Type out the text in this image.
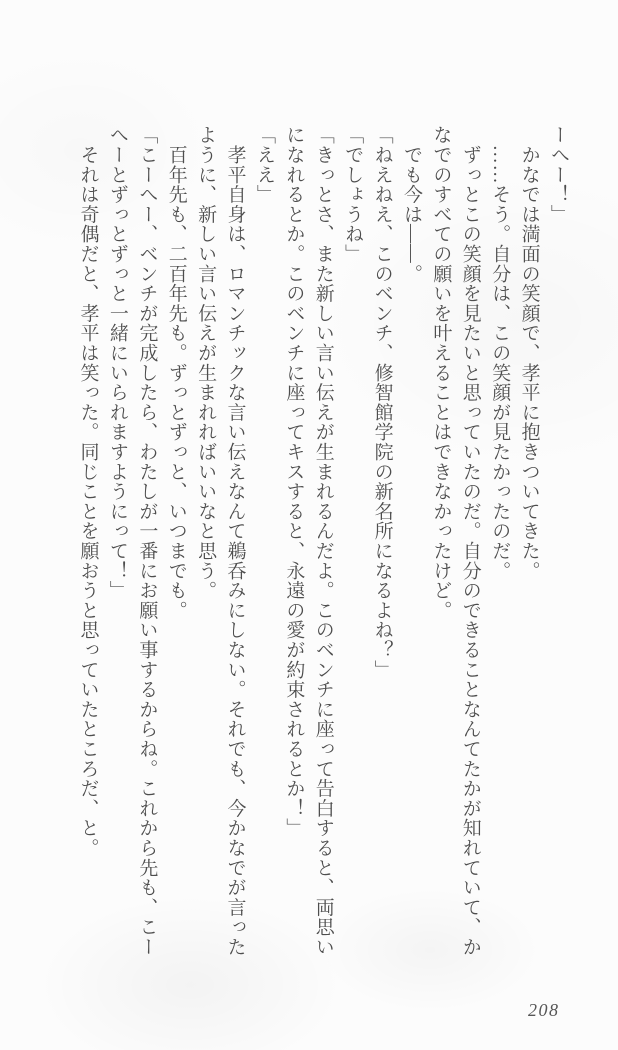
ーへー！」

　かなでは満面の笑顔で、孝平に抱きついてきた。

　……そう。自分は、この笑顔が見たかったのだ。

　ずっとこの笑顔を見たいと思っていたのだ。自分のできることなんてたかが知れていて、か

なでのすべての願いを叶えることはできなかったけど。

　でも今は――。

「ねえねえ、このベンチ、修智館学院の新名所になるよね？」

「でしょうね」

「きっとさ、また新しい言い伝えが生まれるんだよ。このベンチに座って告白すると、両思い

になれるとか。このベンチに座ってキスすると、永遠の愛が約束されるとか！」

「ええ」

　孝平自身は、ロマンチックな言い伝えなんて鵜呑みにしない。それでも、今かなでが言った

ように、新しい言い伝えが生まれればいいなと思う。

　百年先も、二百年先も。ずっとずっと、いつまでも。

「こーへー、ベンチが完成したら、わたしが一番にお願い事するからね。これから先も、こー

へーとずっとずっと一緒にいられますようにって！」

　それは奇偶だと、孝平は笑った。同じことを願おうと思っていたところだ、と。

208
